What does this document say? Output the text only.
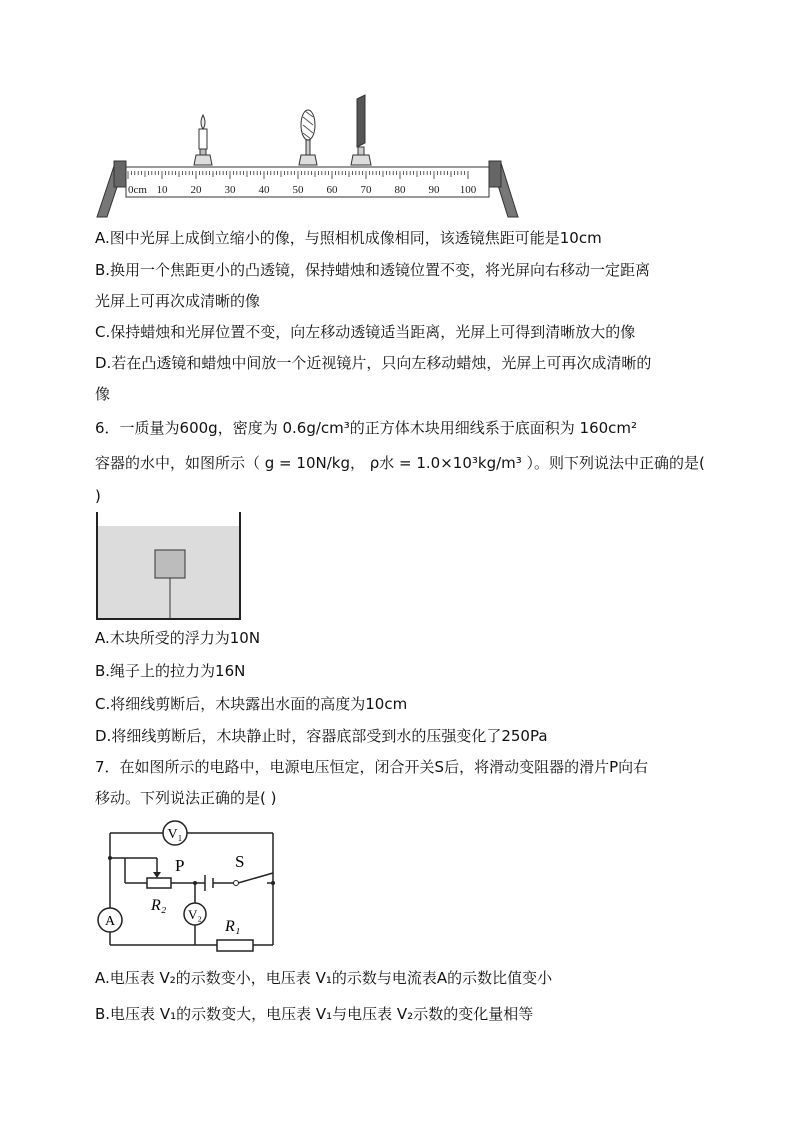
0cm 10 20 30 40 50 60 70 80 90 100
A.图中光屏上成倒立缩小的像，与照相机成像相同，该透镜焦距可能是10cm
B.换用一个焦距更小的凸透镜，保持蜡烛和透镜位置不变，将光屏向右移动一定距离
光屏上可再次成清晰的像
C.保持蜡烛和光屏位置不变，向左移动透镜适当距离，光屏上可得到清晰放大的像
D.若在凸透镜和蜡烛中间放一个近视镜片，只向左移动蜡烛，光屏上可再次成清晰的
像
6．一质量为600g，密度为 0.6g/cm³的正方体木块用细线系于底面积为 160cm²
容器的水中，如图所示（ g = 10N/kg， ρ水 = 1.0×10³kg/m³ ）。则下列说法中正确的是(
)
A.木块所受的浮力为10N
B.绳子上的拉力为16N
C.将细线剪断后，木块露出水面的高度为10cm
D.将细线剪断后，木块静止时，容器底部受到水的压强变化了250Pa
7．在如图所示的电路中，电源电压恒定，闭合开关S后，将滑动变阻器的滑片P向右
移动。下列说法正确的是( )
V₁
V₂
A
P	S
R₂
R₁
A.电压表 V₂的示数变小，电压表 V₁的示数与电流表A的示数比值变小
B.电压表 V₁的示数变大，电压表 V₁与电压表 V₂示数的变化量相等
